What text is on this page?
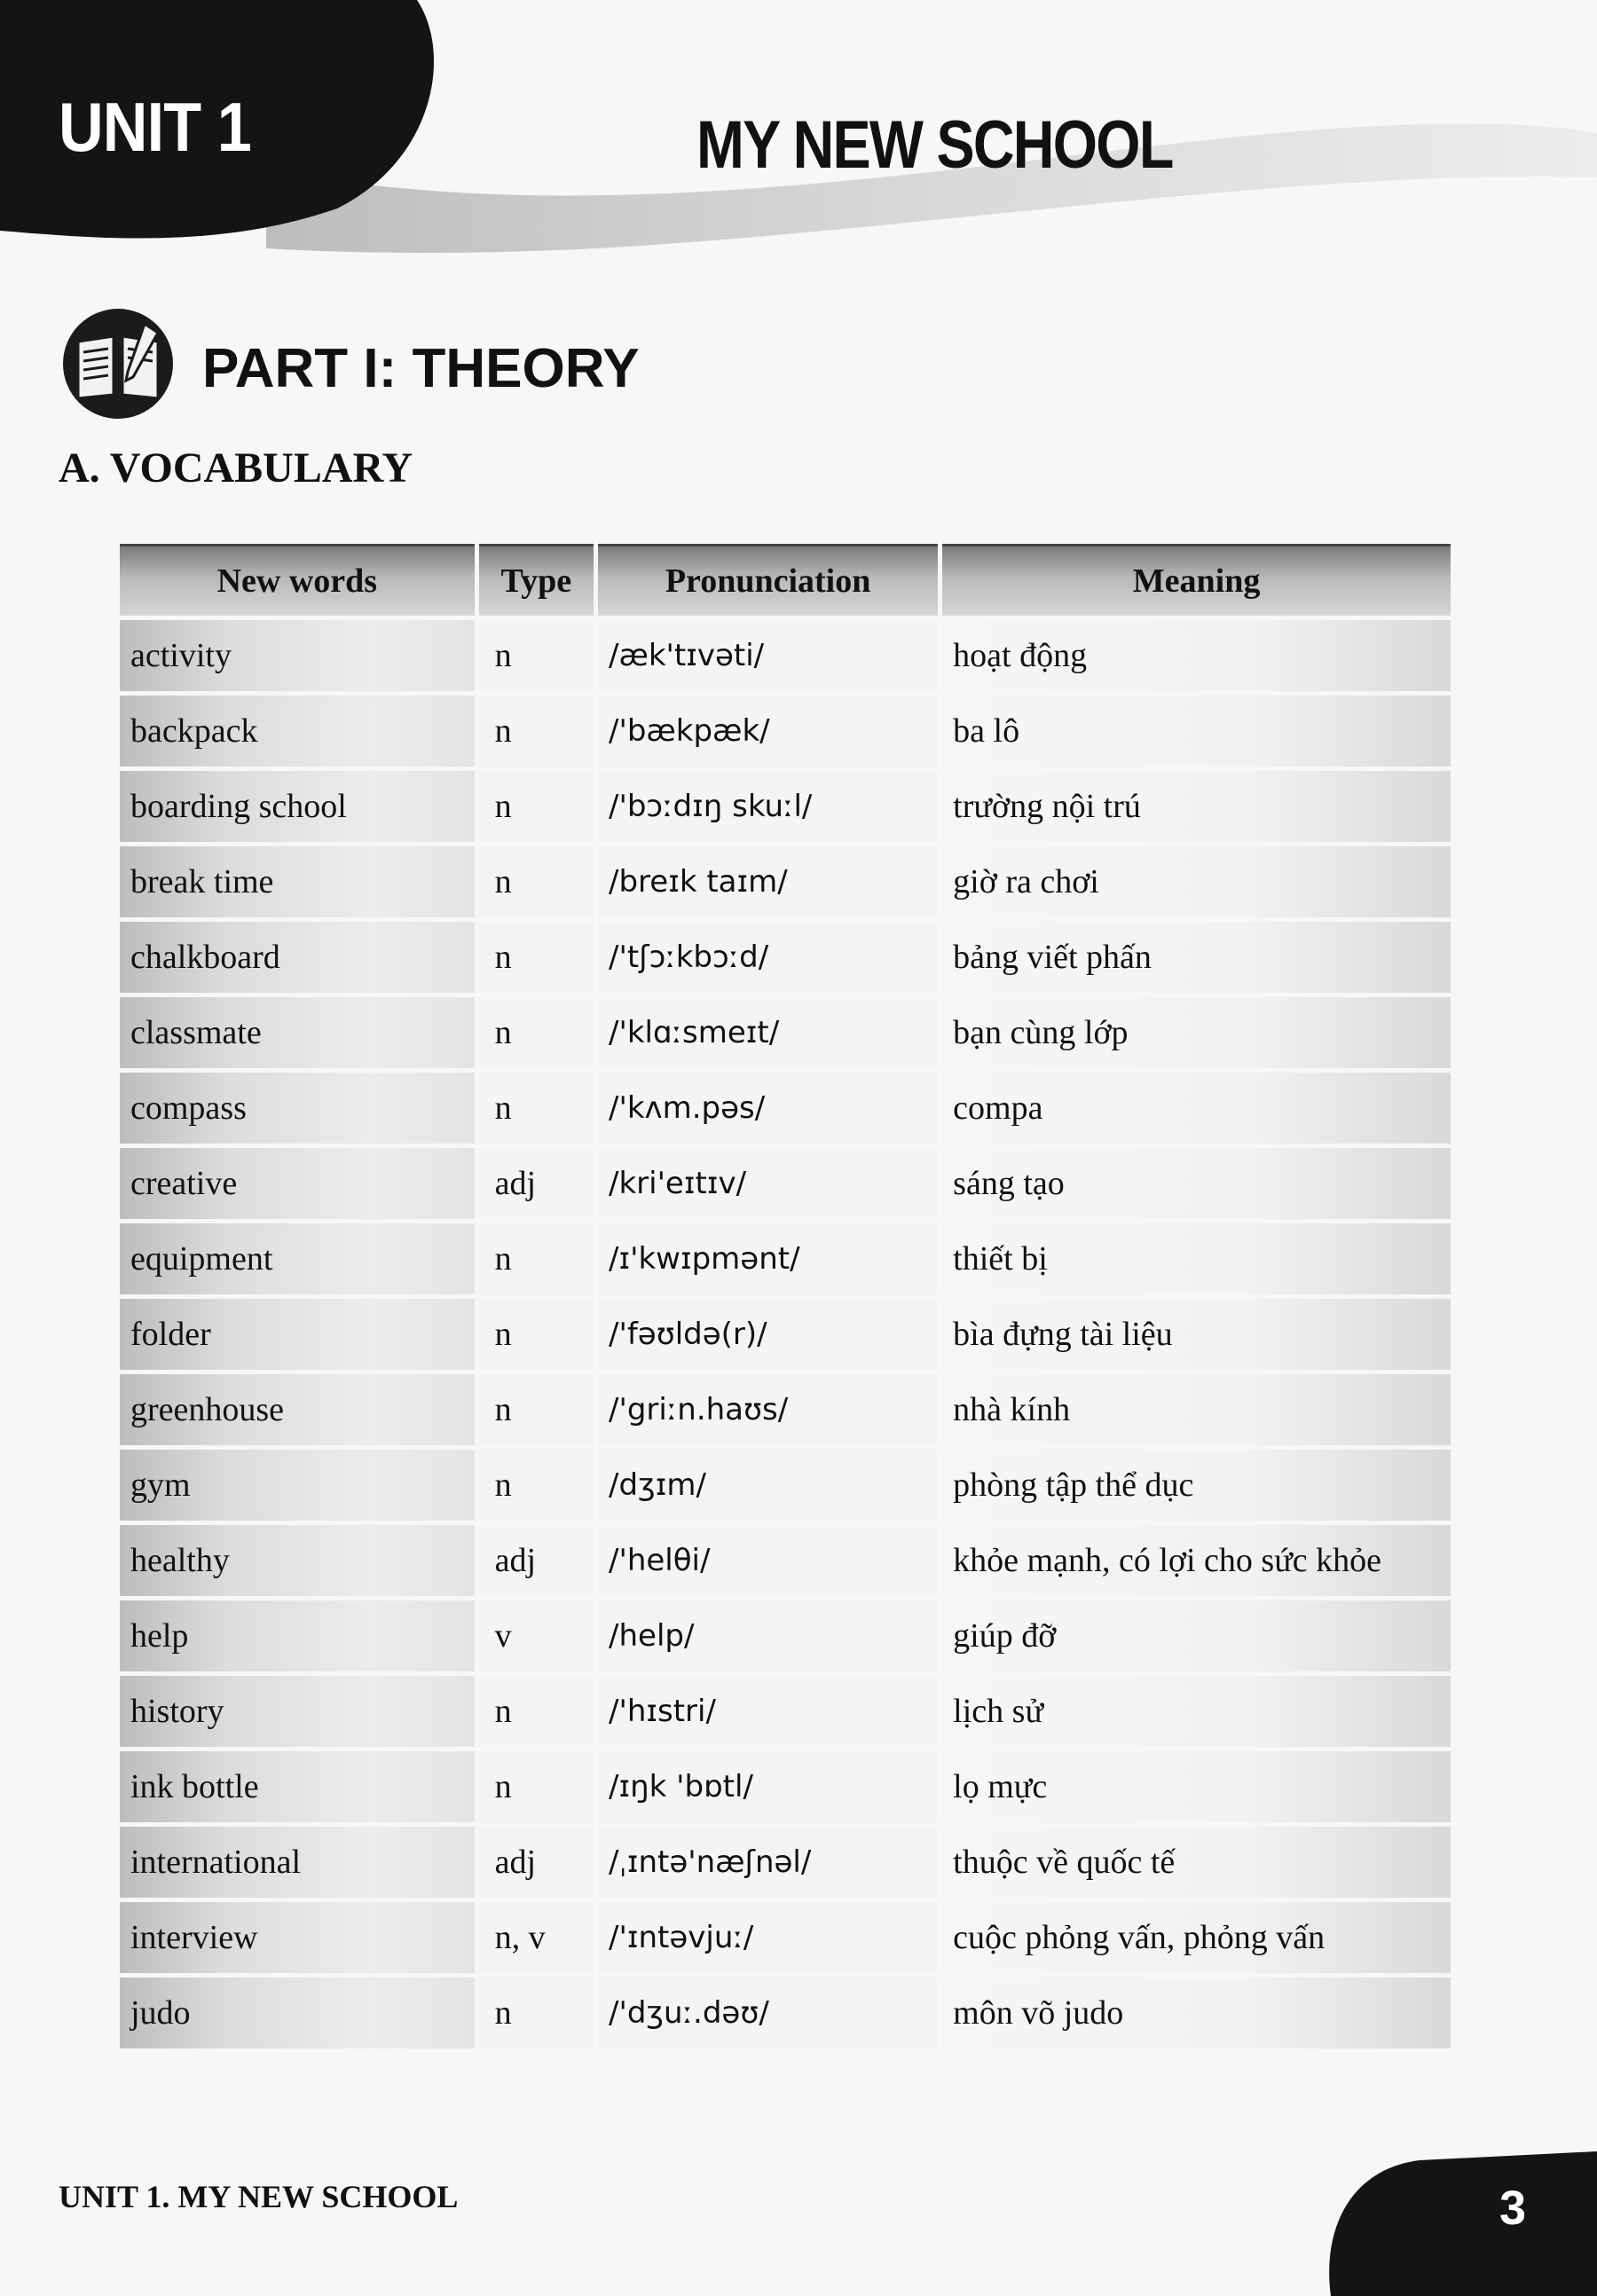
UNIT 1	MY NEW SCHOOL
PART I: THEORY
A. VOCABULARY
New words	Type	Pronunciation	Meaning
activity	n	/æk'tɪvəti/	hoạt động
backpack	n	/'bækpæk/	ba lô
boarding school	n	/'bɔːdɪŋ skuːl/	trường nội trú
break time	n	/breɪk taɪm/	giờ ra chơi
chalkboard	n	/'tʃɔːkbɔːd/	bảng viết phấn
classmate	n	/'klɑːsmeɪt/	bạn cùng lớp
compass	n	/'kʌm.pəs/	compa
creative	adj	/kri'eɪtɪv/	sáng tạo
equipment	n	/ɪ'kwɪpmənt/	thiết bị
folder	n	/'fəʊldə(r)/	bìa đựng tài liệu
greenhouse	n	/'griːn.haʊs/	nhà kính
gym	n	/dʒɪm/	phòng tập thể dục
healthy	adj	/'helθi/	khỏe mạnh, có lợi cho sức khỏe
help	v	/help/	giúp đỡ
history	n	/'hɪstri/	lịch sử
ink bottle	n	/ɪŋk 'bɒtl/	lọ mực
international	adj	/ˌɪntə'næʃnəl/	thuộc về quốc tế
interview	n, v	/'ɪntəvjuː/	cuộc phỏng vấn, phỏng vấn
judo	n	/'dʒuː.dəʊ/	môn võ judo
UNIT 1. MY NEW SCHOOL	3
